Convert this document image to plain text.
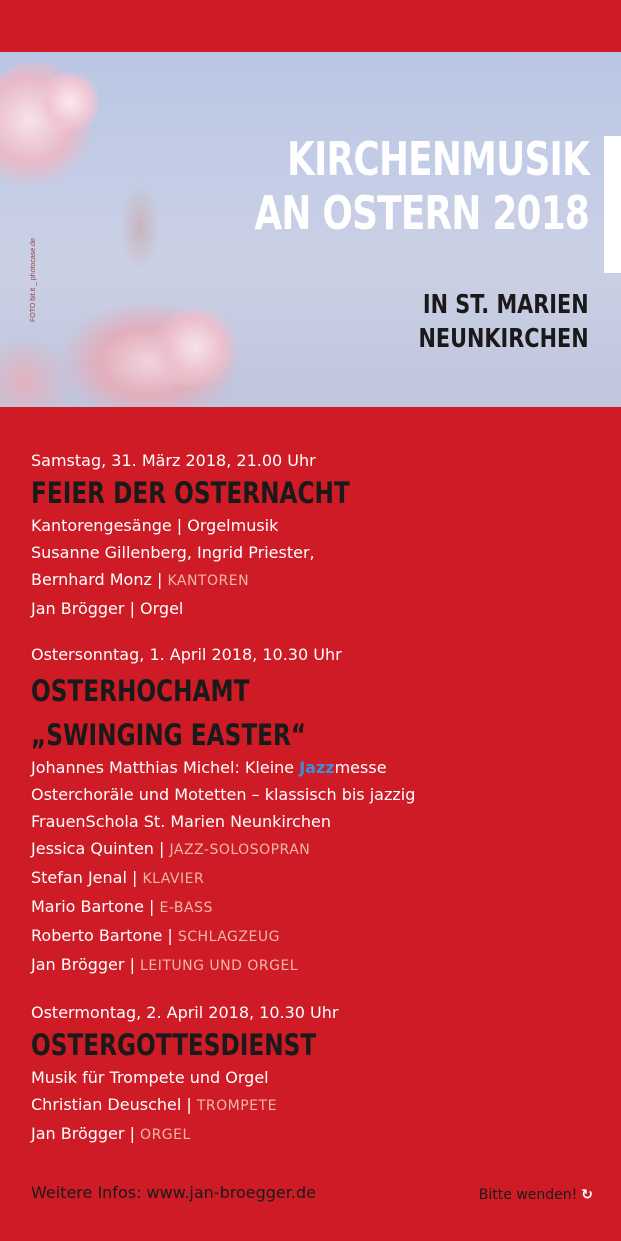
FOTO bit.it _ photocase.de
KIRCHENMUSIK
AN OSTERN 2018
IN ST. MARIEN
NEUNKIRCHEN
Samstag, 31. März 2018, 21.00 Uhr
FEIER DER OSTERNACHT
Kantorengesänge | Orgelmusik
Susanne Gillenberg, Ingrid Priester,
Bernhard Monz | KANTOREN
Jan Brögger | Orgel
Ostersonntag, 1. April 2018, 10.30 Uhr
OSTERHOCHAMT
„SWINGING EASTER“
Johannes Matthias Michel: Kleine Jazzmesse
Osterchoräle und Motetten – klassisch bis jazzig
FrauenSchola St. Marien Neunkirchen
Jessica Quinten | JAZZ-SOLOSOPRAN
Stefan Jenal | KLAVIER
Mario Bartone | E-BASS
Roberto Bartone | SCHLAGZEUG
Jan Brögger | LEITUNG UND ORGEL
Ostermontag, 2. April 2018, 10.30 Uhr
OSTERGOTTESDIENST
Musik für Trompete und Orgel
Christian Deuschel | TROMPETE
Jan Brögger | ORGEL
Weitere Infos: www.jan-broegger.de	Bitte wenden! ↻
